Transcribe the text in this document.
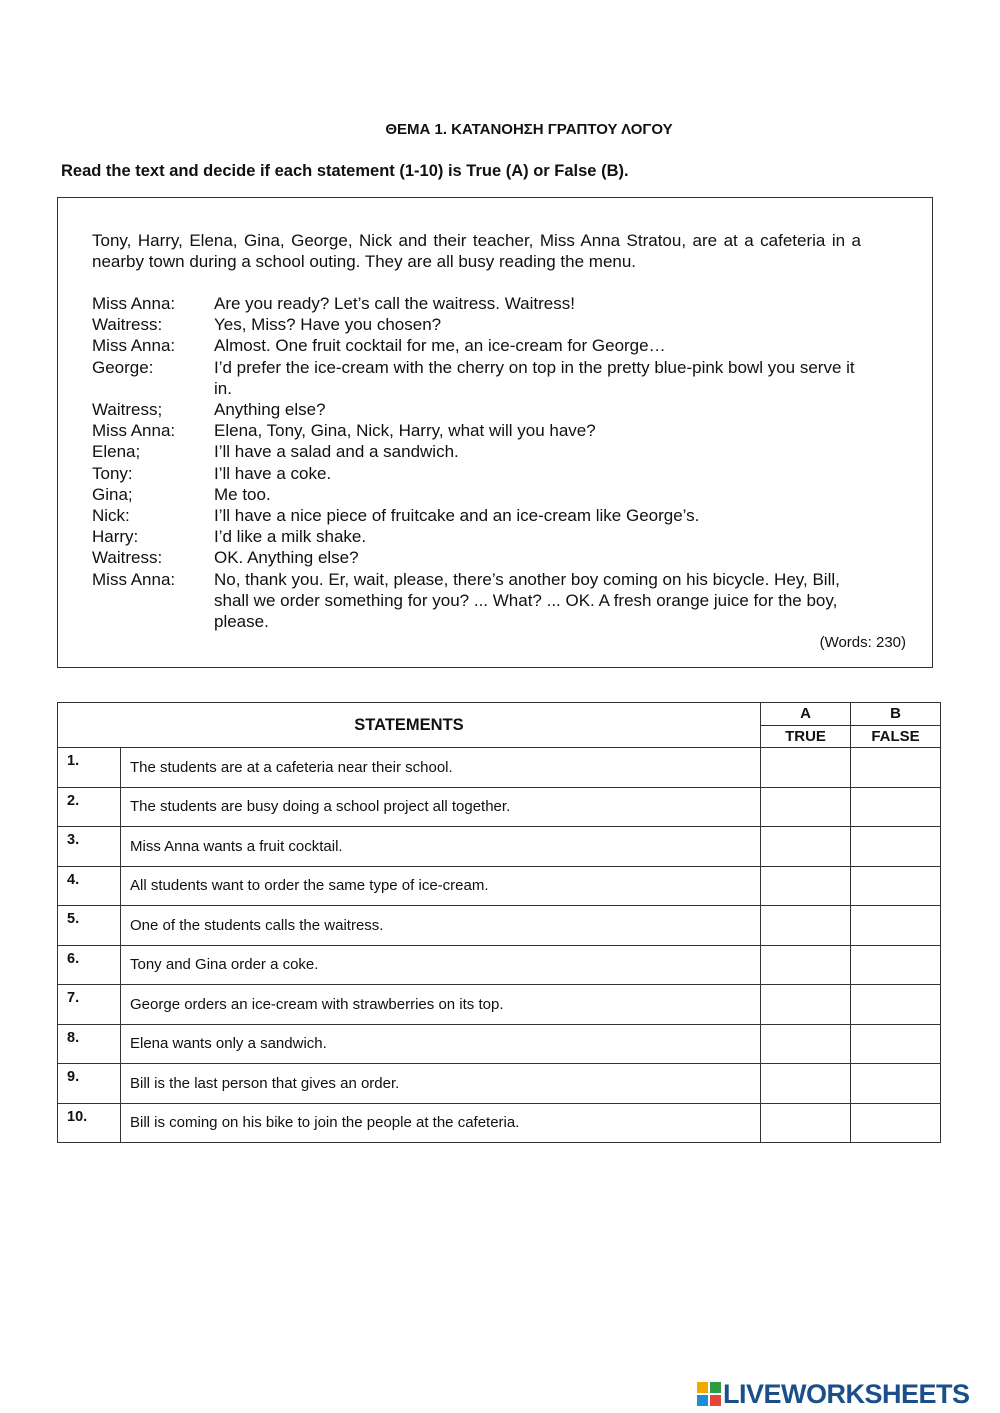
ΘΕΜΑ 1. ΚΑΤΑΝΟΗΣΗ ΓΡΑΠΤΟΥ ΛΟΓΟΥ
Read the text and decide if each statement (1-10) is True (A) or False (B).
Tony, Harry, Elena, Gina, George, Nick and their teacher, Miss Anna Stratou, are at a cafeteria in a nearby town during a school outing. They are all busy reading the menu.
Miss Anna:	Are you ready? Let’s call the waitress. Waitress!
Waitress:	Yes, Miss? Have you chosen?
Miss Anna:	Almost. One fruit cocktail for me, an ice-cream for George…
George:	I’d prefer the ice-cream with the cherry on top in the pretty blue-pink bowl you serve it in.
Waitress;	Anything else?
Miss Anna:	Elena, Tony, Gina, Nick, Harry, what will you have?
Elena;	I’ll have a salad and a sandwich.
Tony:	I’ll have a coke.
Gina;	Me too.
Nick:	I’ll have a nice piece of fruitcake and an ice-cream like George’s.
Harry:	I’d like a milk shake.
Waitress:	OK. Anything else?
Miss Anna:	No, thank you. Er, wait, please, there’s another boy coming on his bicycle. Hey, Bill, shall we order something for you? ... What? ... OK. A fresh orange juice for the boy, please.
(Words: 230)
STATEMENTS		A	B
		TRUE	FALSE
1.	The students are at a cafeteria near their school.		
2.	The students are busy doing a school project all together.		
3.	Miss Anna wants a fruit cocktail.		
4.	All students want to order the same type of ice-cream.		
5.	One of the students calls the waitress.		
6.	Tony and Gina order a coke.		
7.	George orders an ice-cream with strawberries on its top.		
8.	Elena wants only a sandwich.		
9.	Bill is the last person that gives an order.		
10.	Bill is coming on his bike to join the people at the cafeteria.		
LIVEWORKSHEETS
